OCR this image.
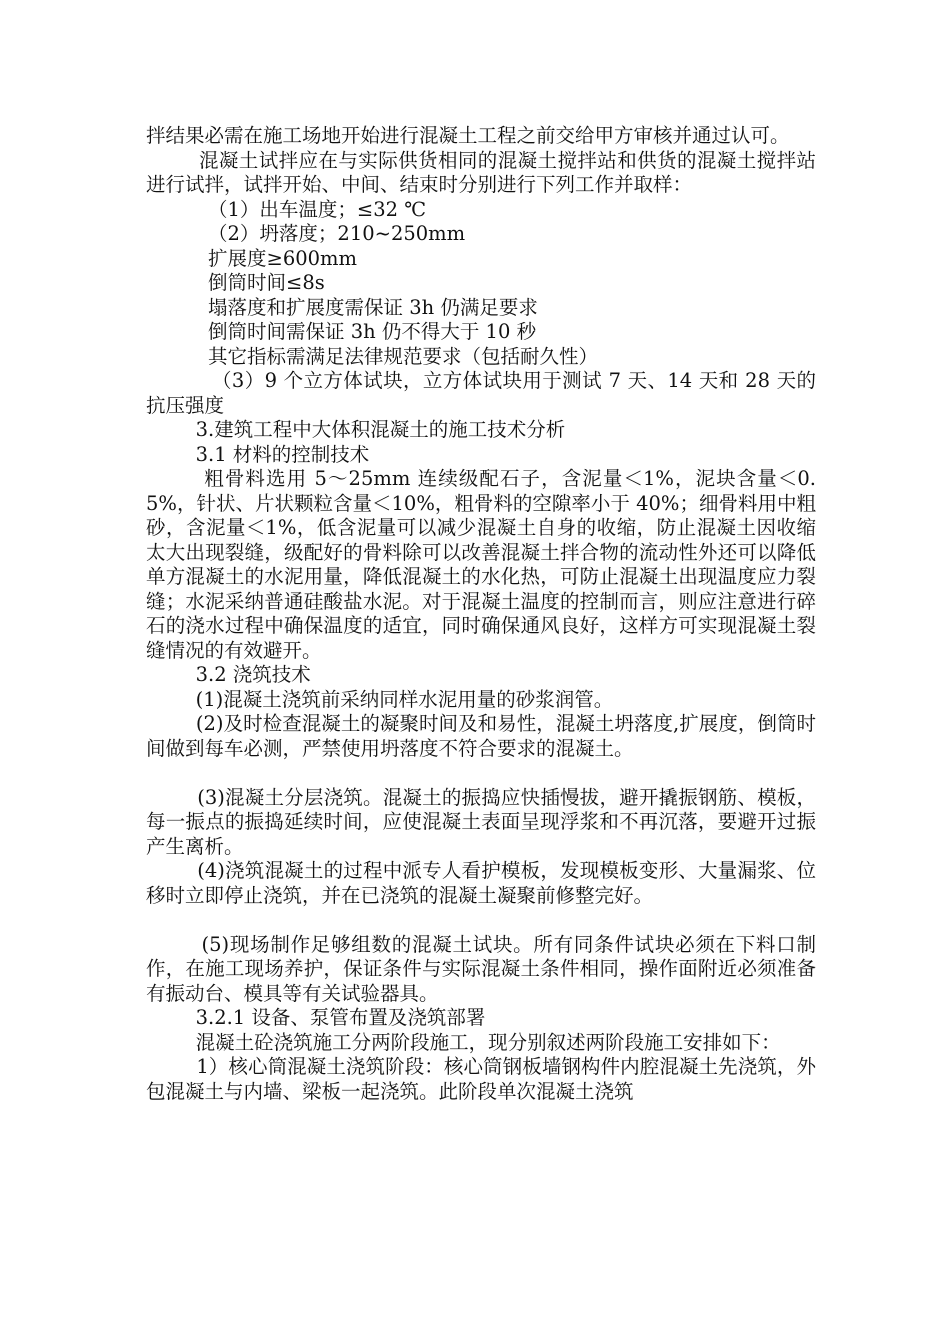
拌结果必需在施工场地开始进行混凝土工程之前交给甲方审核并通过认可。

混凝土试拌应在与实际供货相同的混凝土搅拌站和供货的混凝土搅拌站进行试拌，试拌开始、中间、结束时分别进行下列工作并取样：

（1）出车温度；≤32 ℃

（2）坍落度；210~250mm

扩展度≥600mm

倒筒时间≤8s

塌落度和扩展度需保证 3h 仍满足要求

倒筒时间需保证 3h 仍不得大于 10 秒

其它指标需满足法律规范要求（包括耐久性）

（3）9 个立方体试块，立方体试块用于测试 7 天、14 天和 28 天的抗压强度

3.建筑工程中大体积混凝土的施工技术分析

3.1 材料的控制技术

粗骨料选用 5～25mm 连续级配石子，含泥量＜1%，泥块含量＜0.5%，针状、片状颗粒含量＜10%，粗骨料的空隙率小于 40%；细骨料用中粗砂，含泥量＜1%，低含泥量可以减少混凝土自身的收缩，防止混凝土因收缩太大出现裂缝，级配好的骨料除可以改善混凝土拌合物的流动性外还可以降低单方混凝土的水泥用量，降低混凝土的水化热，可防止混凝土出现温度应力裂缝；水泥采纳普通硅酸盐水泥。对于混凝土温度的控制而言，则应注意进行碎石的浇水过程中确保温度的适宜，同时确保通风良好，这样方可实现混凝土裂缝情况的有效避开。

3.2 浇筑技术

(1)混凝土浇筑前采纳同样水泥用量的砂浆润管。

(2)及时检查混凝土的凝聚时间及和易性，混凝土坍落度,扩展度，倒筒时间做到每车必测，严禁使用坍落度不符合要求的混凝土。

(3)混凝土分层浇筑。混凝土的振捣应快插慢拔，避开撬振钢筋、模板，每一振点的振捣延续时间，应使混凝土表面呈现浮浆和不再沉落，要避开过振产生离析。

(4)浇筑混凝土的过程中派专人看护模板，发现模板变形、大量漏浆、位移时立即停止浇筑，并在已浇筑的混凝土凝聚前修整完好。

(5)现场制作足够组数的混凝土试块。所有同条件试块必须在下料口制作，在施工现场养护，保证条件与实际混凝土条件相同，操作面附近必须准备有振动台、模具等有关试验器具。

3.2.1 设备、泵管布置及浇筑部署

混凝土砼浇筑施工分两阶段施工，现分别叙述两阶段施工安排如下：

1）核心筒混凝土浇筑阶段：核心筒钢板墙钢构件内腔混凝土先浇筑，外包混凝土与内墙、梁板一起浇筑。此阶段单次混凝土浇筑
